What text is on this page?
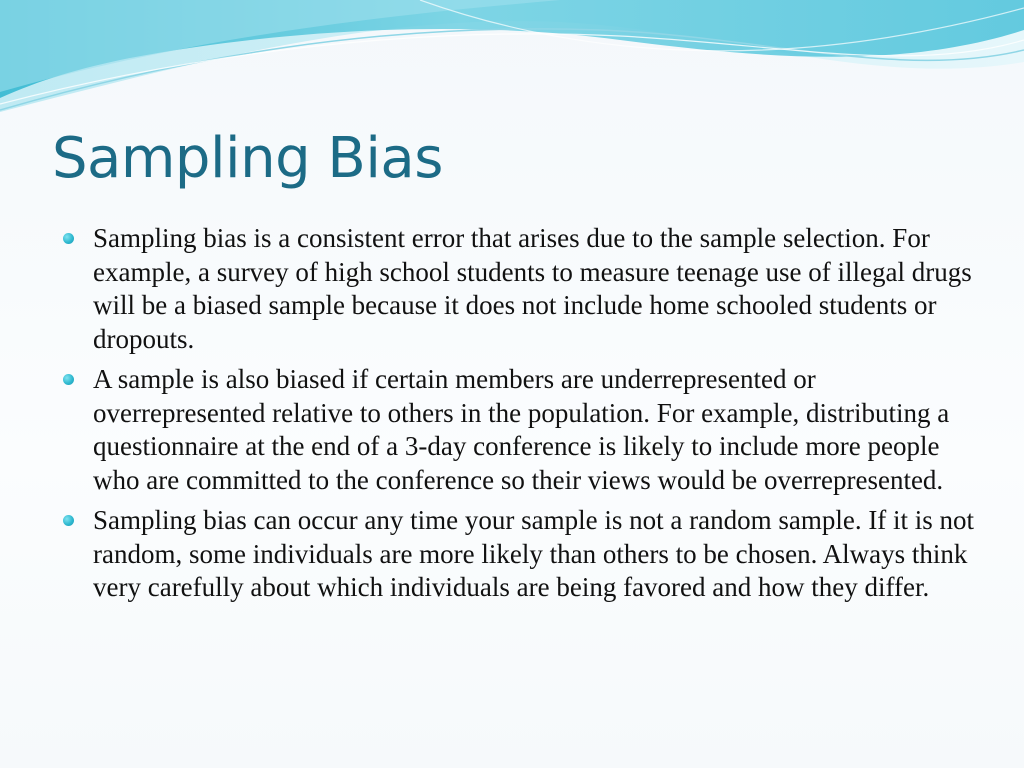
Sampling Bias
Sampling bias is a consistent error that arises due to the sample selection. For example, a survey of high school students to measure teenage use of illegal drugs will be a biased sample because it does not include home schooled students or dropouts.
A sample is also biased if certain members are underrepresented or overrepresented relative to others in the population. For example, distributing a questionnaire at the end of a 3-day conference is likely to include more people who are committed to the conference so their views would be overrepresented.
Sampling bias can occur any time your sample is not a random sample. If it is not random, some individuals are more likely than others to be chosen. Always think very carefully about which individuals are being favored and how they differ.
